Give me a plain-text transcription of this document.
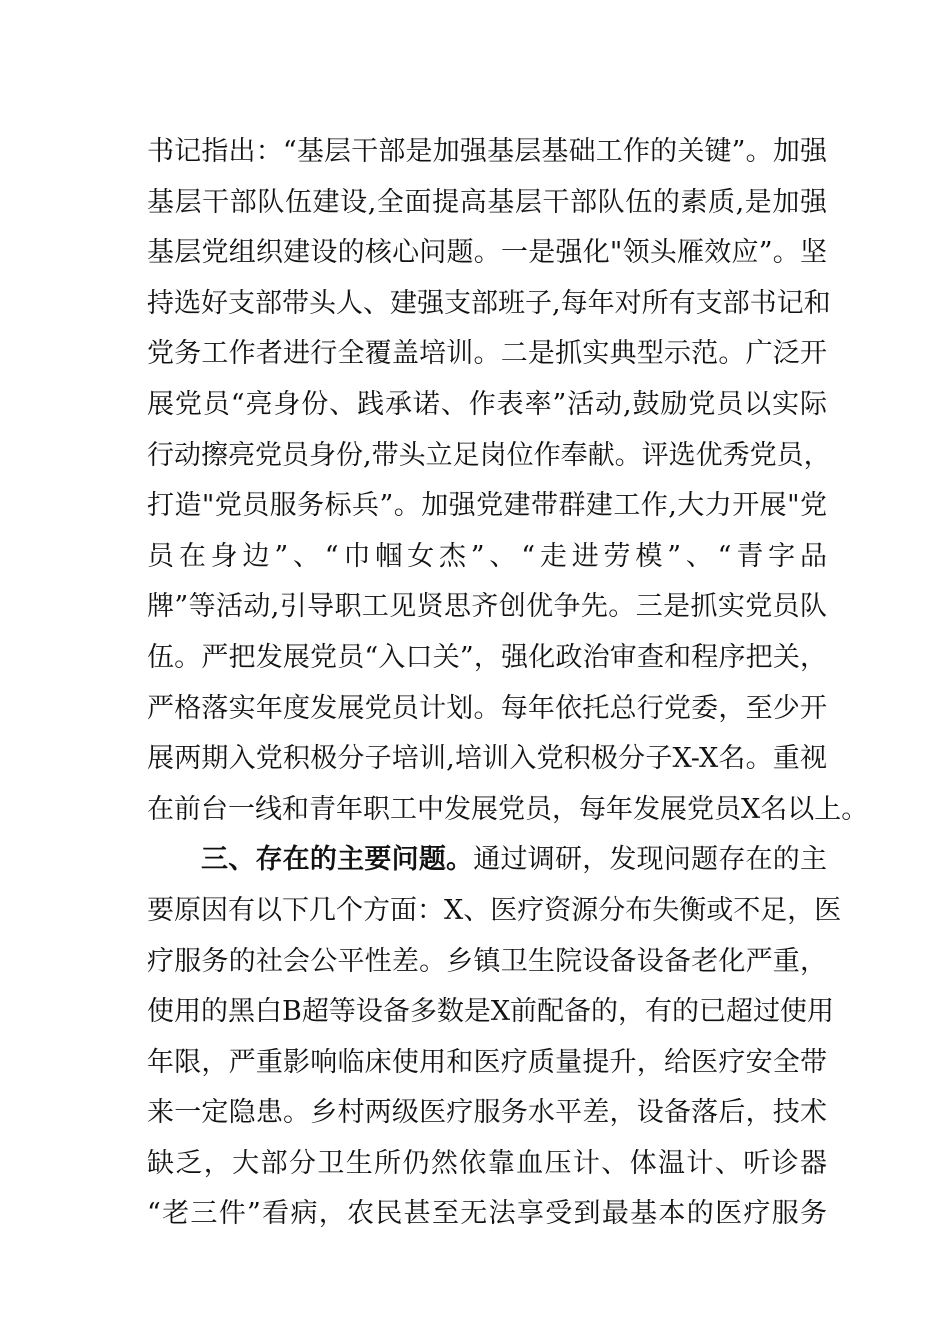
书记指出：“基层干部是加强基层基础工作的关键”。加强
基层干部队伍建设,全面提高基层干部队伍的素质,是加强
基层党组织建设的核心问题。一是强化"领头雁效应”。坚
持选好支部带头人、建强支部班子,每年对所有支部书记和
党务工作者进行全覆盖培训。二是抓实典型示范。广泛开
展党员“亮身份、践承诺、作表率”活动,鼓励党员以实际
行动擦亮党员身份,带头立足岗位作奉献。评选优秀党员，
打造"党员服务标兵”。加强党建带群建工作,大力开展"党
员在身边”、“巾帼女杰”、“走进劳模”、“青字品
牌”等活动,引导职工见贤思齐创优争先。三是抓实党员队
伍。严把发展党员“入口关”，强化政治审查和程序把关，
严格落实年度发展党员计划。每年依托总行党委，至少开
展两期入党积极分子培训,培训入党积极分子X-X名。重视
在前台一线和青年职工中发展党员，每年发展党员X名以上。
三、存在的主要问题。通过调研，发现问题存在的主
要原因有以下几个方面：X、医疗资源分布失衡或不足，医
疗服务的社会公平性差。乡镇卫生院设备设备老化严重，
使用的黑白B超等设备多数是X前配备的，有的已超过使用
年限，严重影响临床使用和医疗质量提升，给医疗安全带
来一定隐患。乡村两级医疗服务水平差，设备落后，技术
缺乏，大部分卫生所仍然依靠血压计、体温计、听诊器
“老三件”看病，农民甚至无法享受到最基本的医疗服务
